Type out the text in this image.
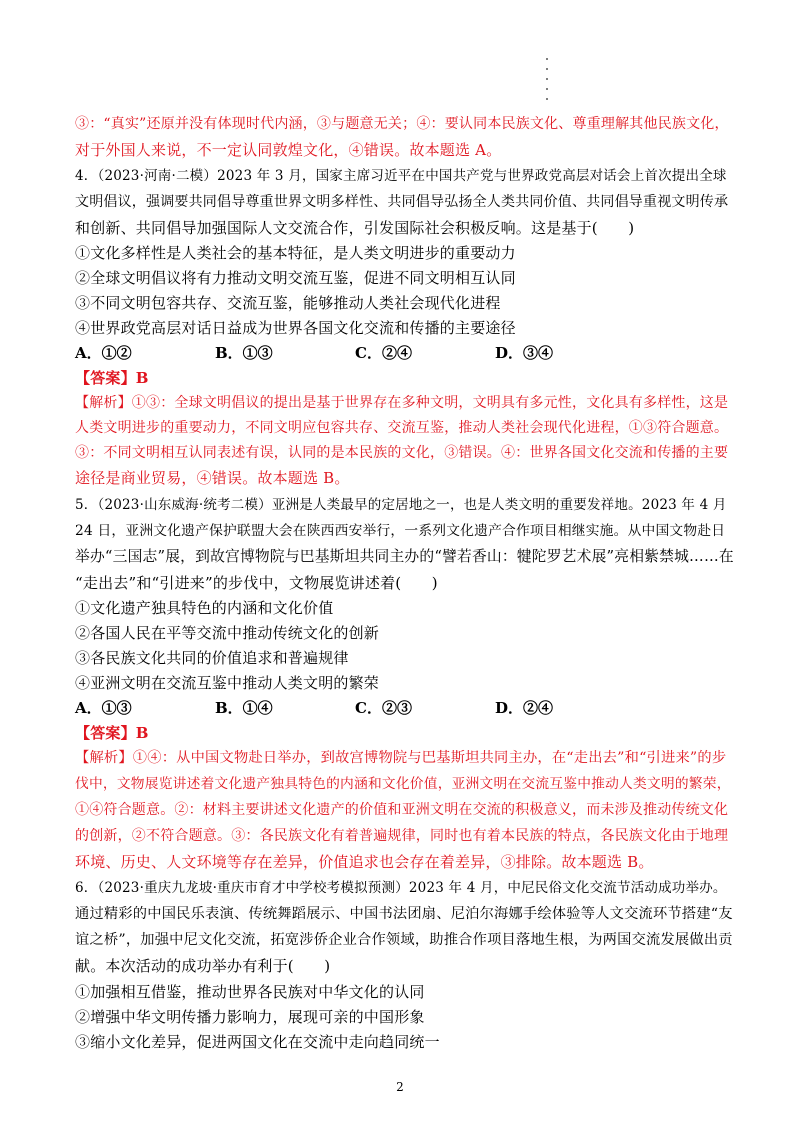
③：“真实”还原并没有体现时代内涵，③与题意无关；④：要认同本民族文化、尊重理解其他民族文化，
对于外国人来说，不一定认同敦煌文化，④错误。故本题选 A。
4．（2023·河南·二模）2023 年 3 月，国家主席习近平在中国共产党与世界政党高层对话会上首次提出全球
文明倡议，强调要共同倡导尊重世界文明多样性、共同倡导弘扬全人类共同价值、共同倡导重视文明传承
和创新、共同倡导加强国际人文交流合作，引发国际社会积极反响。这是基于(　　)
①文化多样性是人类社会的基本特征，是人类文明进步的重要动力
②全球文明倡议将有力推动文明交流互鉴，促进不同文明相互认同
③不同文明包容共存、交流互鉴，能够推动人类社会现代化进程
④世界政党高层对话日益成为世界各国文化交流和传播的主要途径
A．①②	B．①③	C．②④	D．③④
【答案】B
【解析】①③：全球文明倡议的提出是基于世界存在多种文明，文明具有多元性，文化具有多样性，这是
人类文明进步的重要动力，不同文明应包容共存、交流互鉴，推动人类社会现代化进程，①③符合题意。
③：不同文明相互认同表述有误，认同的是本民族的文化，③错误。④：世界各国文化交流和传播的主要
途径是商业贸易，④错误。故本题选 B。
5．（2023·山东威海·统考二模）亚洲是人类最早的定居地之一，也是人类文明的重要发祥地。2023 年 4 月
24 日，亚洲文化遗产保护联盟大会在陕西西安举行，一系列文化遗产合作项目相继实施。从中国文物赴日
举办“三国志”展，到故宫博物院与巴基斯坦共同主办的“譬若香山：犍陀罗艺术展”亮相紫禁城……在
“走出去”和“引进来”的步伐中，文物展览讲述着(　　)
①文化遗产独具特色的内涵和文化价值
②各国人民在平等交流中推动传统文化的创新
③各民族文化共同的价值追求和普遍规律
④亚洲文明在交流互鉴中推动人类文明的繁荣
A．①③	B．①④	C．②③	D．②④
【答案】B
【解析】①④：从中国文物赴日举办，到故宫博物院与巴基斯坦共同主办，在“走出去”和“引进来”的步
伐中，文物展览讲述着文化遗产独具特色的内涵和文化价值，亚洲文明在交流互鉴中推动人类文明的繁荣，
①④符合题意。②：材料主要讲述文化遗产的价值和亚洲文明在交流的积极意义，而未涉及推动传统文化
的创新，②不符合题意。③：各民族文化有着普遍规律，同时也有着本民族的特点，各民族文化由于地理
环境、历史、人文环境等存在差异，价值追求也会存在着差异，③排除。故本题选 B。
6．（2023·重庆九龙坡·重庆市育才中学校考模拟预测）2023 年 4 月，中尼民俗文化交流节活动成功举办。
通过精彩的中国民乐表演、传统舞蹈展示、中国书法团扇、尼泊尔海娜手绘体验等人文交流环节搭建“友
谊之桥”，加强中尼文化交流，拓宽涉侨企业合作领域，助推合作项目落地生根，为两国交流发展做出贡
献。本次活动的成功举办有利于(　　)
①加强相互借鉴，推动世界各民族对中华文化的认同
②增强中华文明传播力影响力，展现可亲的中国形象
③缩小文化差异，促进两国文化在交流中走向趋同统一
2
